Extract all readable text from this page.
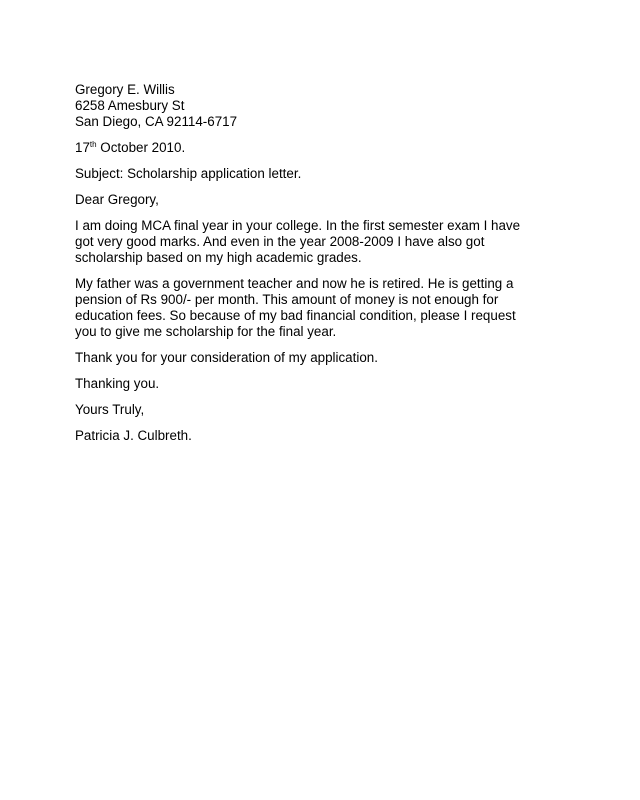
Gregory E. Willis
6258 Amesbury St
San Diego, CA 92114-6717

17th October 2010.

Subject: Scholarship application letter.

Dear Gregory,

I am doing MCA final year in your college. In the first semester exam I have
got very good marks. And even in the year 2008-2009 I have also got
scholarship based on my high academic grades.

My father was a government teacher and now he is retired. He is getting a
pension of Rs 900/- per month. This amount of money is not enough for
education fees. So because of my bad financial condition, please I request
you to give me scholarship for the final year.

Thank you for your consideration of my application.

Thanking you.

Yours Truly,

Patricia J. Culbreth.
